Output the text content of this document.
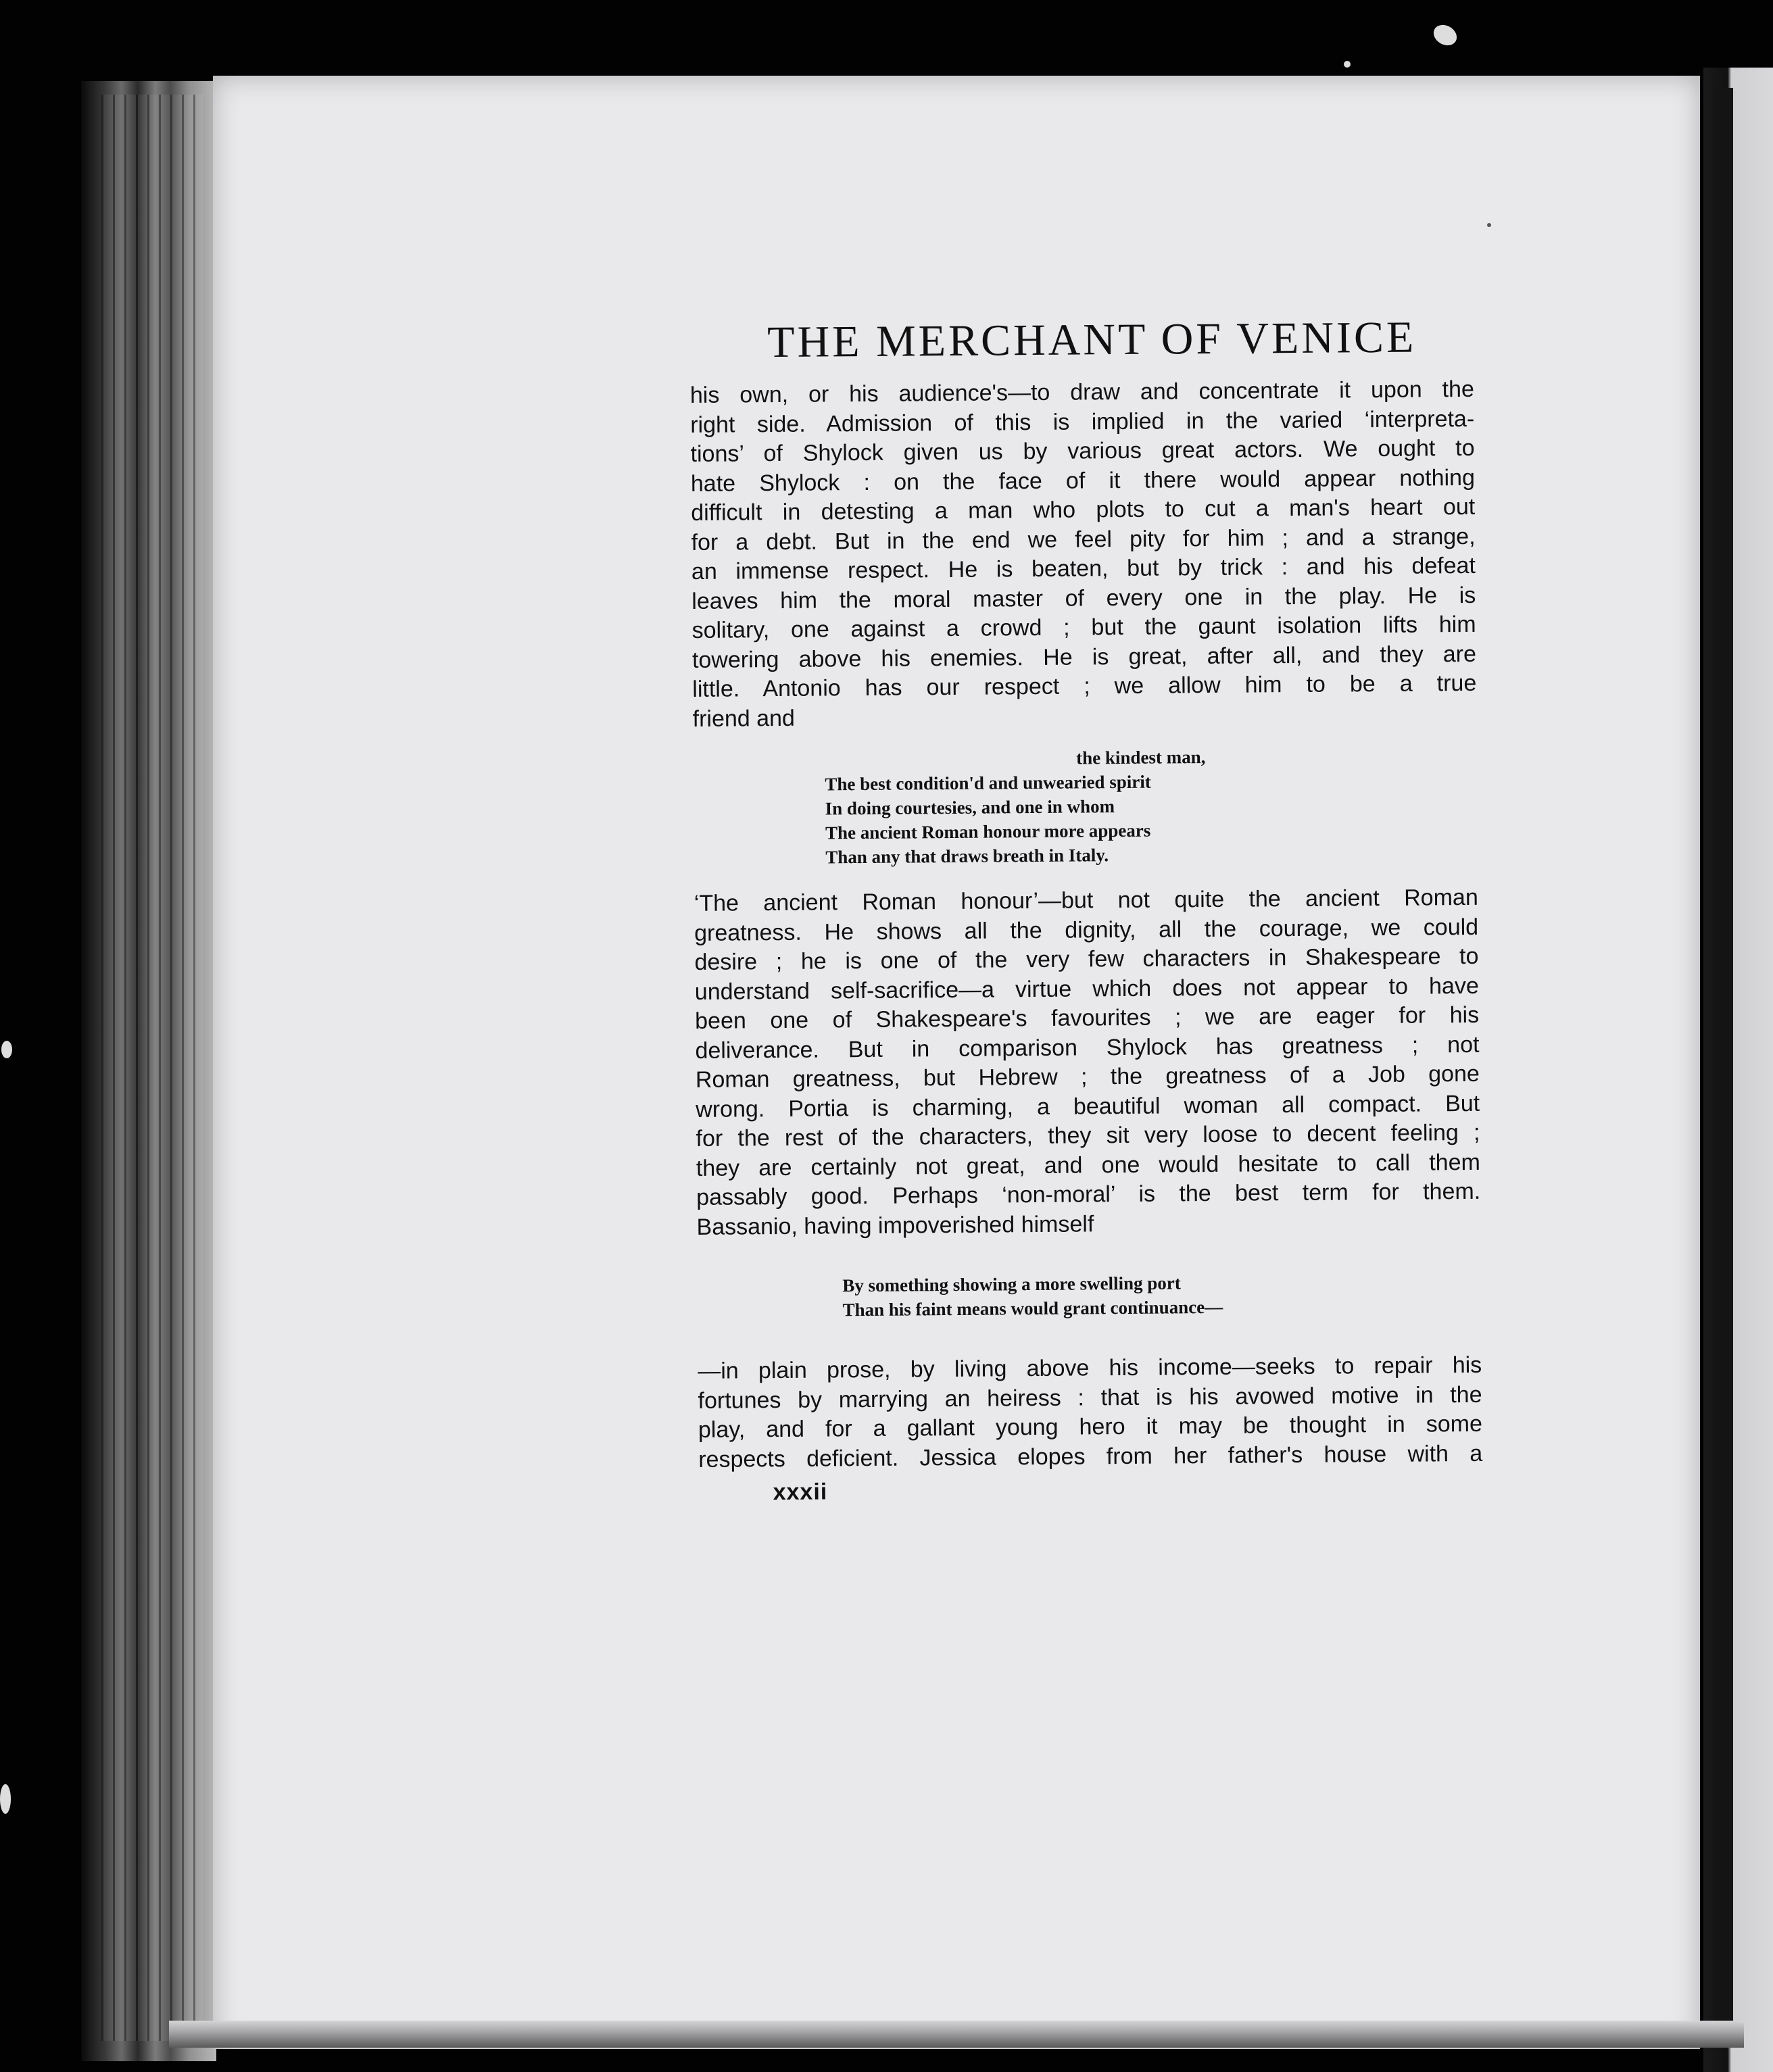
THE MERCHANT OF VENICE

his own, or his audience's—to draw and concentrate it upon the
right side. Admission of this is implied in the varied ‘interpreta-
tions’ of Shylock given us by various great actors. We ought to
hate Shylock : on the face of it there would appear nothing
difficult in detesting a man who plots to cut a man's heart out
for a debt. But in the end we feel pity for him ; and a strange,
an immense respect. He is beaten, but by trick : and his defeat
leaves him the moral master of every one in the play. He is
solitary, one against a crowd ; but the gaunt isolation lifts him
towering above his enemies. He is great, after all, and they are
little. Antonio has our respect ; we allow him to be a true
friend and

the kindest man,
The best condition'd and unwearied spirit
In doing courtesies, and one in whom
The ancient Roman honour more appears
Than any that draws breath in Italy.

‘The ancient Roman honour’—but not quite the ancient Roman
greatness. He shows all the dignity, all the courage, we could
desire ; he is one of the very few characters in Shakespeare to
understand self-sacrifice—a virtue which does not appear to have
been one of Shakespeare's favourites ; we are eager for his
deliverance. But in comparison Shylock has greatness ; not
Roman greatness, but Hebrew ; the greatness of a Job gone
wrong. Portia is charming, a beautiful woman all compact. But
for the rest of the characters, they sit very loose to decent feeling ;
they are certainly not great, and one would hesitate to call them
passably good. Perhaps ‘non-moral’ is the best term for them.
Bassanio, having impoverished himself

By something showing a more swelling port
Than his faint means would grant continuance—

—in plain prose, by living above his income—seeks to repair his
fortunes by marrying an heiress : that is his avowed motive in the
play, and for a gallant young hero it may be thought in some
respects deficient. Jessica elopes from her father's house with a

xxxii
